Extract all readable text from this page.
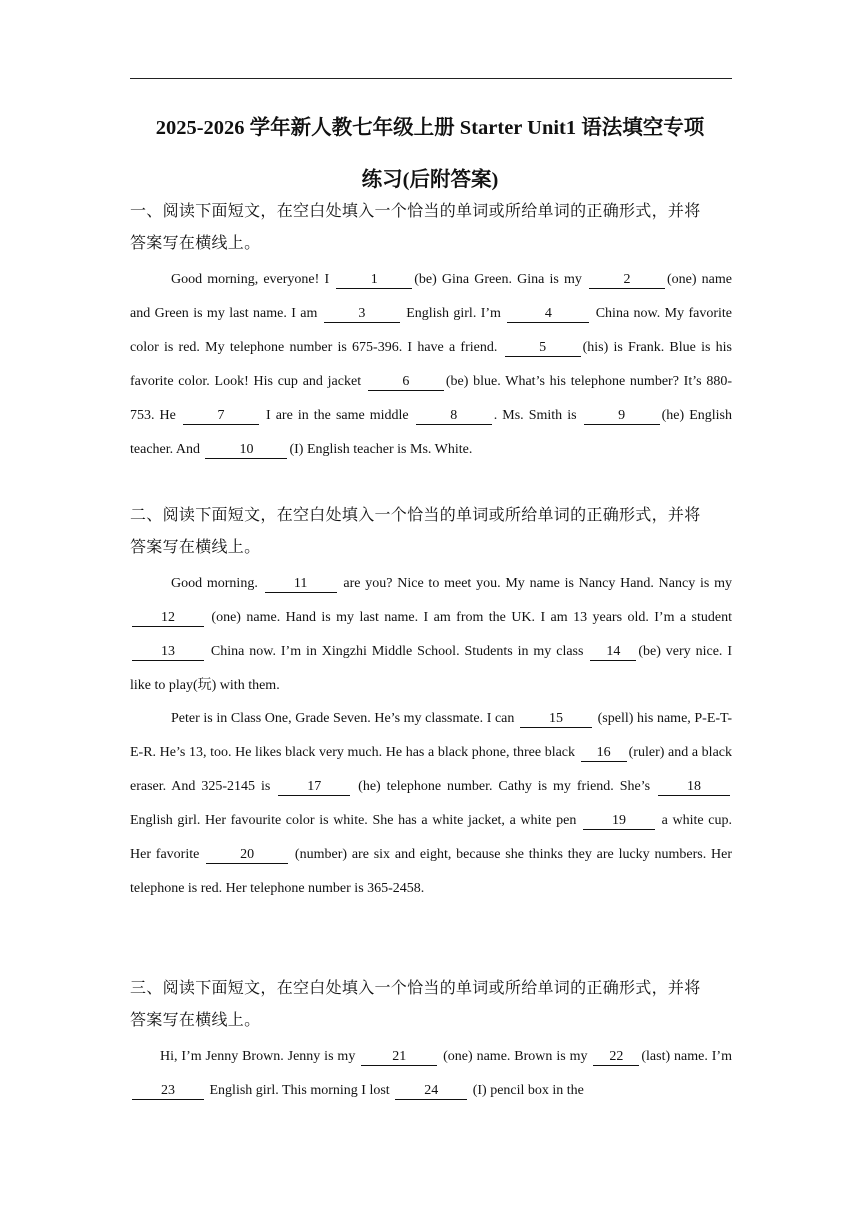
2025-2026 学年新人教七年级上册 Starter Unit1 语法填空专项
练习(后附答案)
一、阅读下面短文，在空白处填入一个恰当的单词或所给单词的正确形式，并将
答案写在横线上。
Good morning, everyone! I	1	(be) Gina Green. Gina is my	2	(one) name and Green is my last name. I am	3	English girl. I’m	4	China now. My favorite color is red. My telephone number is 675-396. I have a friend.	5	(his) is Frank. Blue is his favorite color. Look! His cup and jacket	6	(be) blue. What’s his telephone number? It’s 880-753. He	7	I are in the same middle	8	. Ms. Smith is	9	(he) English teacher. And	10	(I) English teacher is Ms. White.
二、阅读下面短文，在空白处填入一个恰当的单词或所给单词的正确形式，并将
答案写在横线上。
Good morning. 11 are you? Nice to meet you. My name is Nancy Hand. Nancy is my 12 (one) name. Hand is my last name. I am from the UK. I am 13 years old. I’m a student 13 China now. I’m in Xingzhi Middle School. Students in my class 14 (be) very nice. I like to play(玩) with them.
Peter is in Class One, Grade Seven. He’s my classmate. I can 15 (spell) his name, P-E-T-E-R. He’s 13, too. He likes black very much. He has a black phone, three black 16 (ruler) and a black eraser. And 325-2145 is 17 (he) telephone number. Cathy is my friend. She’s 18 English girl. Her favourite color is white. She has a white jacket, a white pen 19 a white cup. Her favorite	20	(number) are six and eight, because she thinks they are lucky numbers. Her telephone is red. Her telephone number is 365-2458.
三、阅读下面短文，在空白处填入一个恰当的单词或所给单词的正确形式，并将
答案写在横线上。
Hi, I’m Jenny Brown. Jenny is my 21 (one) name. Brown is my 22 (last) name. I’m 23 English girl. This morning I lost 24 (I) pencil box in the
